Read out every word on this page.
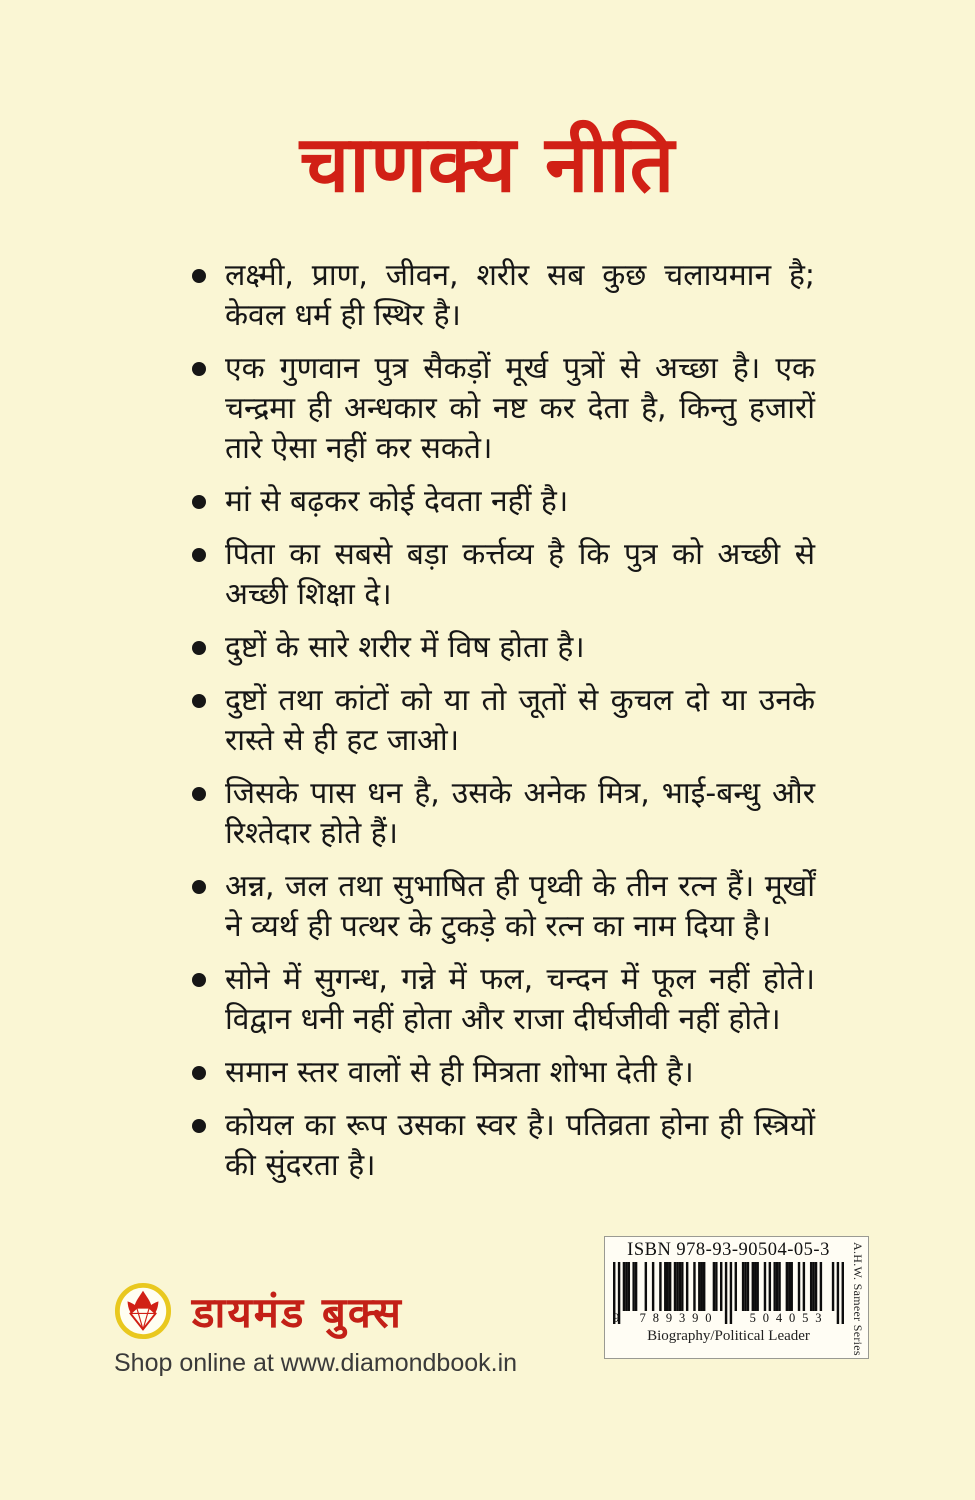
चाणक्य नीति
लक्ष्मी, प्राण, जीवन, शरीर सब कुछ चलायमान है; केवल धर्म ही स्थिर है।
एक गुणवान पुत्र सैकड़ों मूर्ख पुत्रों से अच्छा है। एक चन्द्रमा ही अन्धकार को नष्ट कर देता है, किन्तु हजारों तारे ऐसा नहीं कर सकते।
मां से बढ़कर कोई देवता नहीं है।
पिता का सबसे बड़ा कर्त्तव्य है कि पुत्र को अच्छी से अच्छी शिक्षा दे।
दुष्टों के सारे शरीर में विष होता है।
दुष्टों तथा कांटों को या तो जूतों से कुचल दो या उनके रास्ते से ही हट जाओ।
जिसके पास धन है, उसके अनेक मित्र, भाई-बन्धु और रिश्तेदार होते हैं।
अन्न, जल तथा सुभाषित ही पृथ्वी के तीन रत्न हैं। मूर्खों ने व्यर्थ ही पत्थर के टुकड़े को रत्न का नाम दिया है।
सोने में सुगन्ध, गन्ने में फल, चन्दन में फूल नहीं होते। विद्वान धनी नहीं होता और राजा दीर्घजीवी नहीं होते।
समान स्तर वालों से ही मित्रता शोभा देती है।
कोयल का रूप उसका स्वर है। पतिव्रता होना ही स्त्रियों की सुंदरता है।
डायमंड बुक्स
Shop online at www.diamondbook.in
ISBN 978-93-90504-05-3
9	789390	504053
Biography/Political Leader	A.H.W. Sameer Series
